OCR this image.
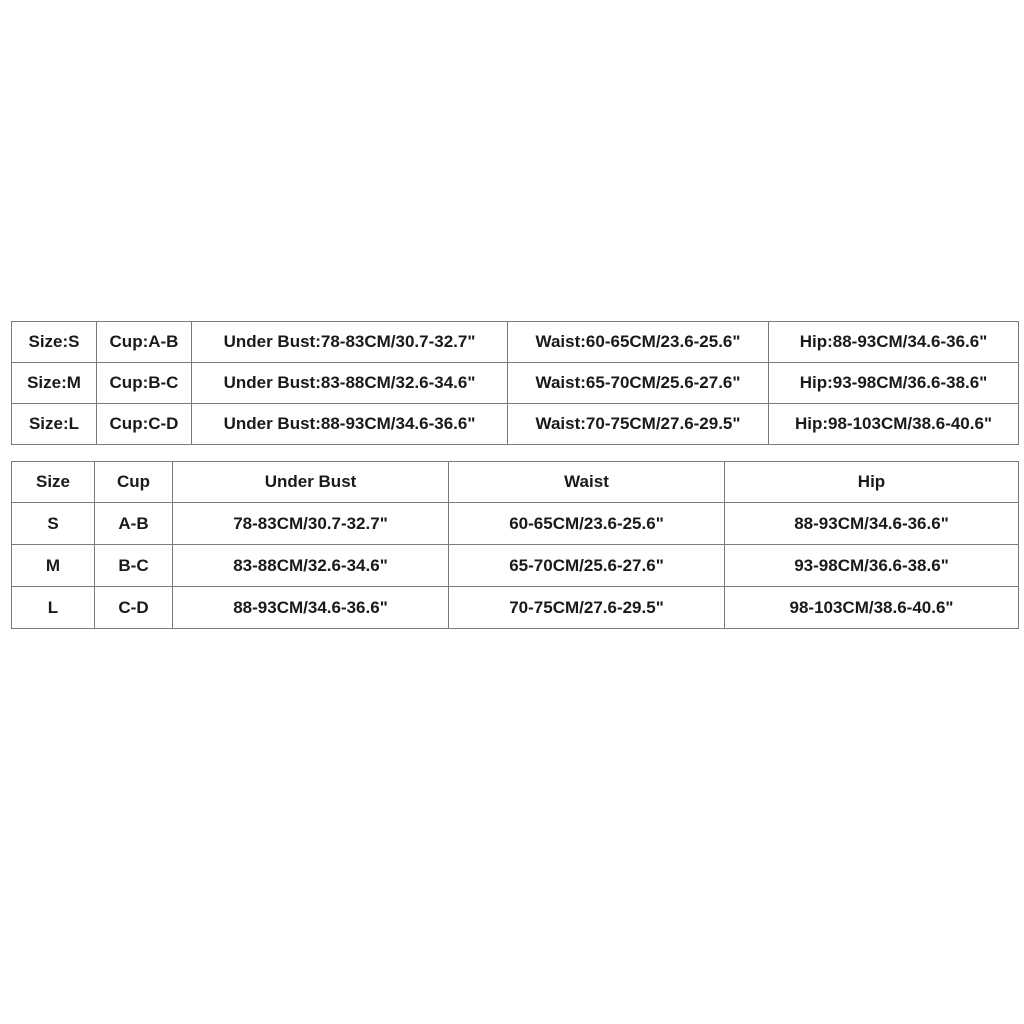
Size:S	Cup:A-B	Under Bust:78-83CM/30.7-32.7"	Waist:60-65CM/23.6-25.6"	Hip:88-93CM/34.6-36.6"
Size:M	Cup:B-C	Under Bust:83-88CM/32.6-34.6"	Waist:65-70CM/25.6-27.6"	Hip:93-98CM/36.6-38.6"
Size:L	Cup:C-D	Under Bust:88-93CM/34.6-36.6"	Waist:70-75CM/27.6-29.5"	Hip:98-103CM/38.6-40.6"
Size	Cup	Under Bust	Waist	Hip
S	A-B	78-83CM/30.7-32.7"	60-65CM/23.6-25.6"	88-93CM/34.6-36.6"
M	B-C	83-88CM/32.6-34.6"	65-70CM/25.6-27.6"	93-98CM/36.6-38.6"
L	C-D	88-93CM/34.6-36.6"	70-75CM/27.6-29.5"	98-103CM/38.6-40.6"
